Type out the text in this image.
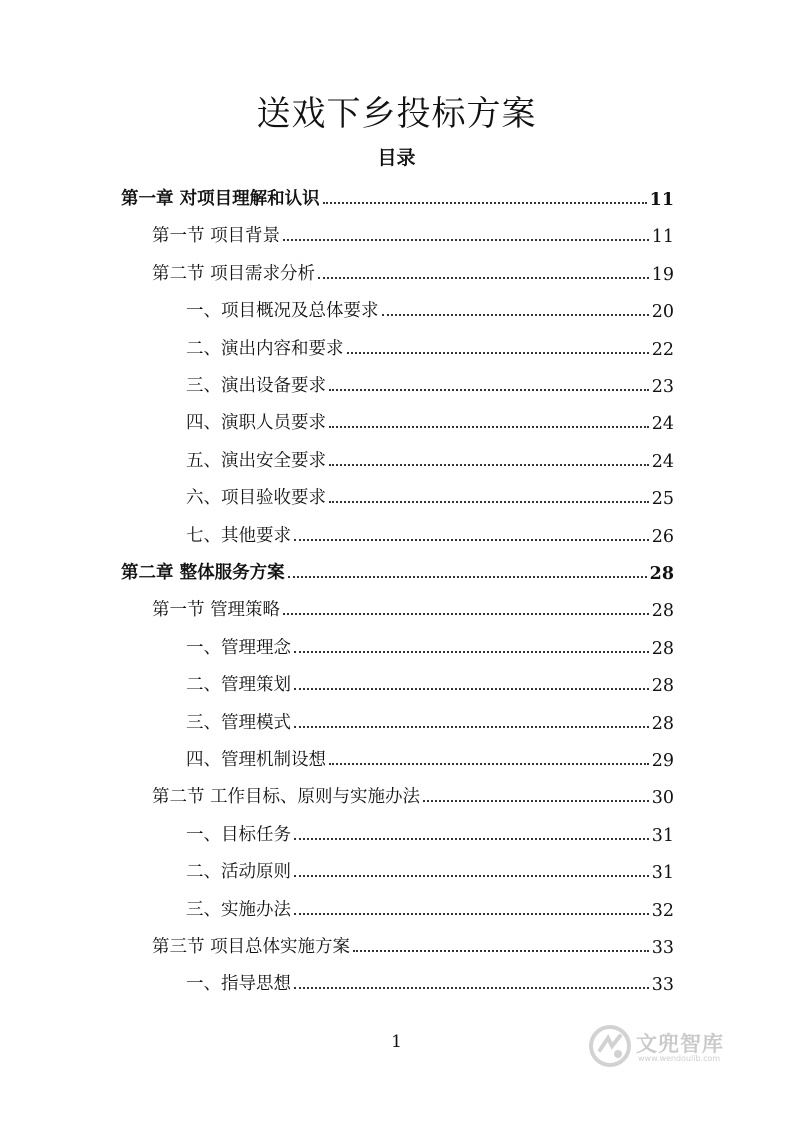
送戏下乡投标方案
目录
第一章 对项目理解和认识	11
第一节 项目背景	11
第二节 项目需求分析	19
一、项目概况及总体要求	20
二、演出内容和要求	22
三、演出设备要求	23
四、演职人员要求	24
五、演出安全要求	24
六、项目验收要求	25
七、其他要求	26
第二章 整体服务方案	28
第一节 管理策略	28
一、管理理念	28
二、管理策划	28
三、管理模式	28
四、管理机制设想	29
第二节 工作目标、原则与实施办法	30
一、目标任务	31
二、活动原则	31
三、实施办法	32
第三节 项目总体实施方案	33
一、指导思想	33
1	文兜智库
www.wendoulib.com
